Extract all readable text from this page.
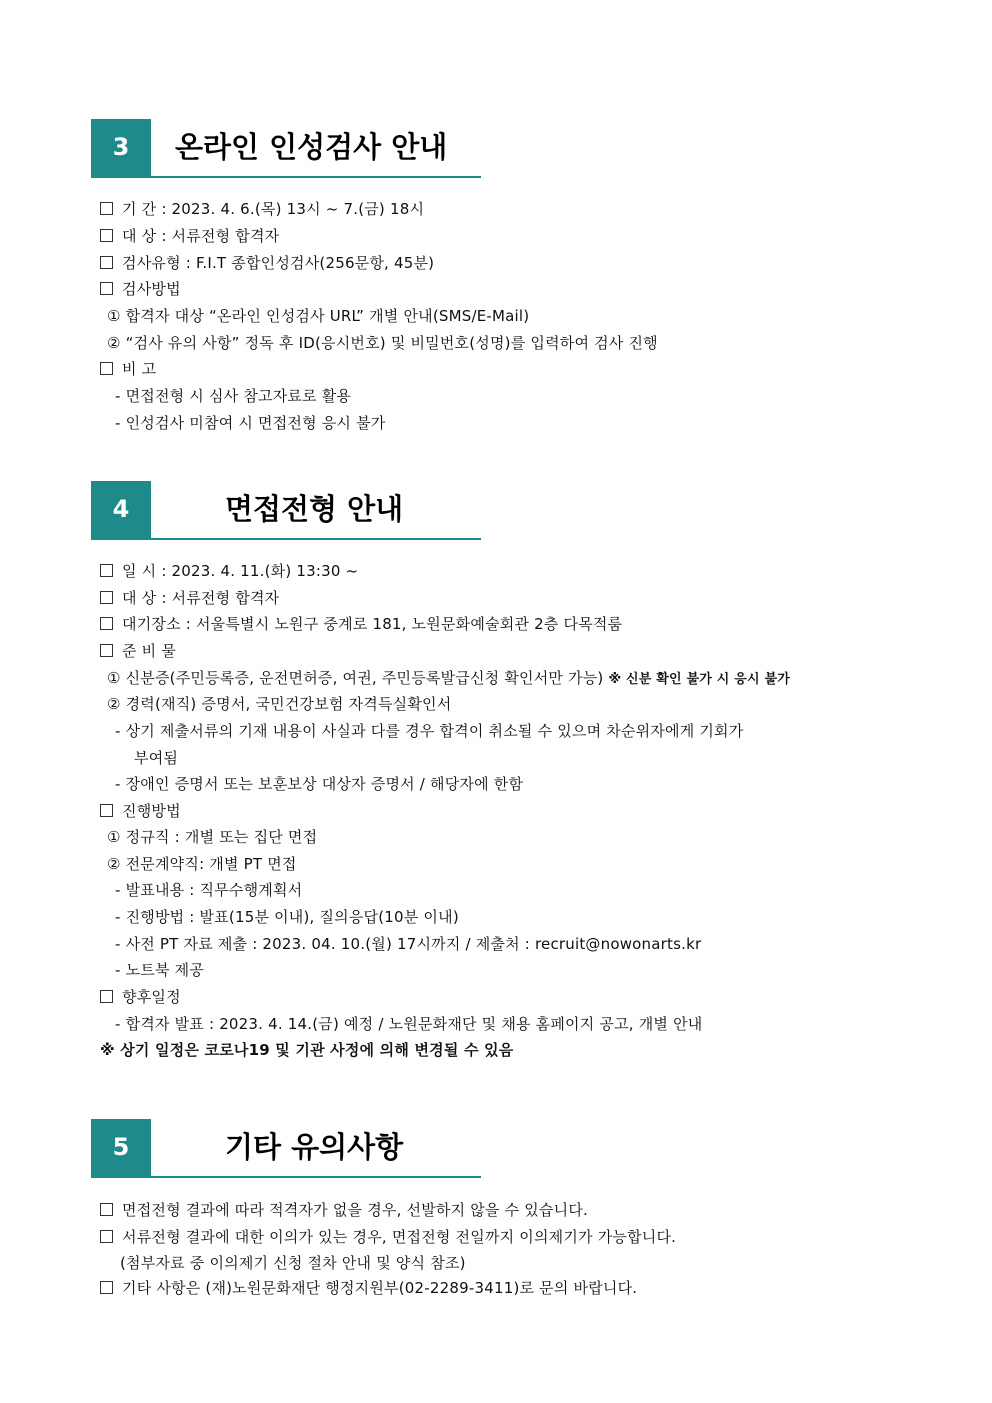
3	온라인 인성검사 안내
기 간 : 2023. 4. 6.(목) 13시 ~ 7.(금) 18시
대 상 : 서류전형 합격자
검사유형 : F.I.T 종합인성검사(256문항, 45분)
검사방법
① 합격자 대상 “온라인 인성검사 URL” 개별 안내(SMS/E-Mail)
② “검사 유의 사항” 정독 후 ID(응시번호) 및 비밀번호(성명)를 입력하여 검사 진행
비 고
- 면접전형 시 심사 참고자료로 활용
- 인성검사 미참여 시 면접전형 응시 불가
4	면접전형 안내
일 시 : 2023. 4. 11.(화) 13:30 ~
대 상 : 서류전형 합격자
대기장소 : 서울특별시 노원구 중계로 181, 노원문화예술회관 2층 다목적룸
준 비 물
① 신분증(주민등록증, 운전면허증, 여권, 주민등록발급신청 확인서만 가능) ※ 신분 확인 불가 시 응시 불가
② 경력(재직) 증명서, 국민건강보험 자격득실확인서
- 상기 제출서류의 기재 내용이 사실과 다를 경우 합격이 취소될 수 있으며 차순위자에게 기회가
부여됨
- 장애인 증명서 또는 보훈보상 대상자 증명서 / 해당자에 한함
진행방법
① 정규직 : 개별 또는 집단 면접
② 전문계약직: 개별 PT 면접
- 발표내용 : 직무수행계획서
- 진행방법 : 발표(15분 이내), 질의응답(10분 이내)
- 사전 PT 자료 제출 : 2023. 04. 10.(월) 17시까지 / 제출처 : recruit@nowonarts.kr
- 노트북 제공
향후일정
- 합격자 발표 : 2023. 4. 14.(금) 예정 / 노원문화재단 및 채용 홈페이지 공고, 개별 안내
※ 상기 일정은 코로나19 및 기관 사정에 의해 변경될 수 있음
5	기타 유의사항
면접전형 결과에 따라 적격자가 없을 경우, 선발하지 않을 수 있습니다.
서류전형 결과에 대한 이의가 있는 경우, 면접전형 전일까지 이의제기가 가능합니다.
(첨부자료 중 이의제기 신청 절차 안내 및 양식 참조)
기타 사항은 (재)노원문화재단 행정지원부(02-2289-3411)로 문의 바랍니다.
